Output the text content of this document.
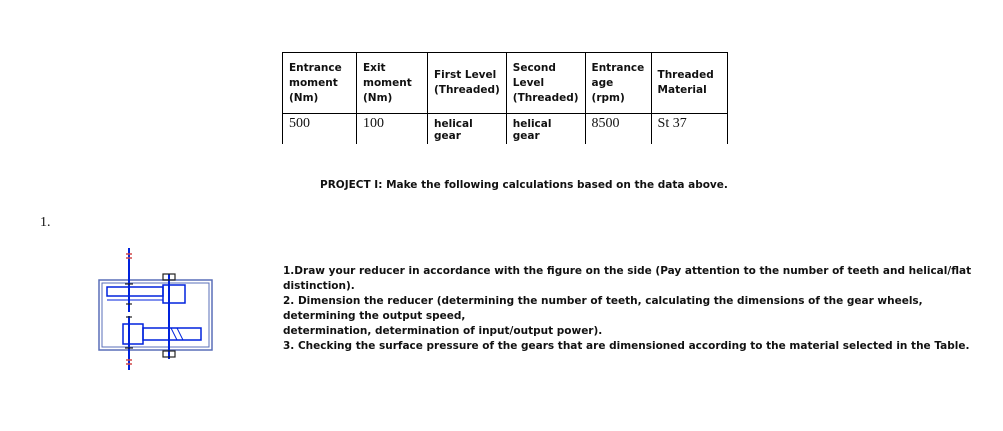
Entrance moment (Nm)	Exit moment (Nm)	First Level (Threaded)	Second Level (Threaded)	Entrance age (rpm)	Threaded Material
500	100	helical gear	helical gear	8500	St 37
PROJECT I: Make the following calculations based on the data above.
1.

1.Draw your reducer in accordance with the figure on the side (Pay attention to the number of teeth and helical/flat distinction).

2. Dimension the reducer (determining the number of teeth, calculating the dimensions of the gear wheels, determining the output speed,

determination, determination of input/output power).

3. Checking the surface pressure of the gears that are dimensioned according to the material selected in the Table.
